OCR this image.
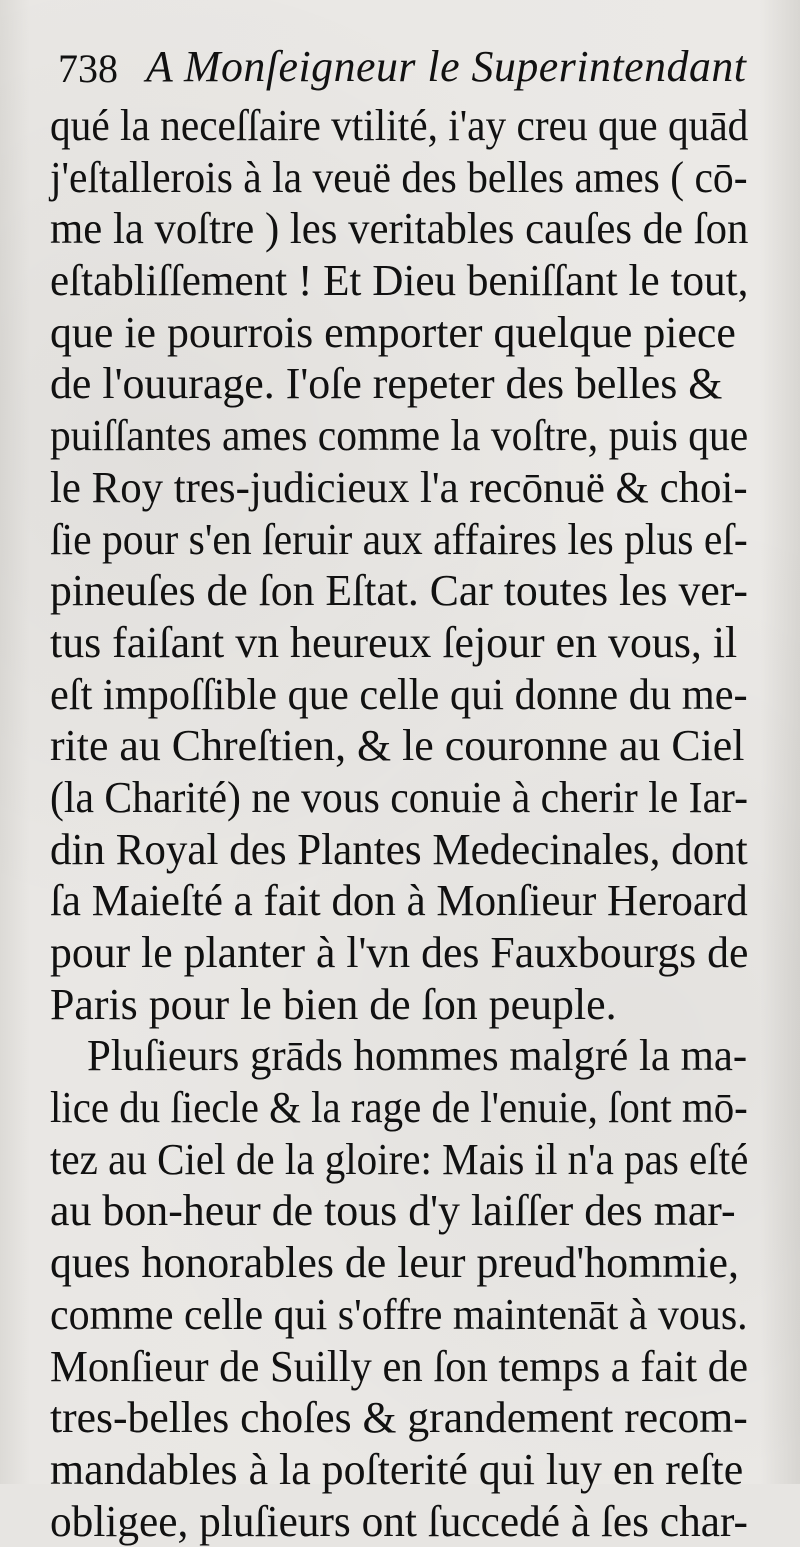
738 A Monſeigneur le Superintendant
qué la neceſſaire vtilité, i'ay creu que quād
j'eſtallerois à la veuë des belles ames ( cō-
me la voſtre ) les veritables cauſes de ſon
eſtabliſſement ! Et Dieu beniſſant le tout,
que ie pourrois emporter quelque piece
de l'ouurage. I'oſe repeter des belles &
puiſſantes ames comme la voſtre, puis que
le Roy tres-judicieux l'a recōnuë & choi-
ſie pour s'en ſeruir aux affaires les plus eſ-
pineuſes de ſon Eſtat. Car toutes les ver-
tus faiſant vn heureux ſejour en vous, il
eſt impoſſible que celle qui donne du me-
rite au Chreſtien, & le couronne au Ciel
(la Charité) ne vous conuie à cherir le Iar-
din Royal des Plantes Medecinales, dont
ſa Maieſté a fait don à Monſieur Heroard
pour le planter à l'vn des Fauxbourgs de
Paris pour le bien de ſon peuple.
Pluſieurs grāds hommes malgré la ma-
lice du ſiecle & la rage de l'enuie, ſont mō-
tez au Ciel de la gloire: Mais il n'a pas eſté
au bon-heur de tous d'y laiſſer des mar-
ques honorables de leur preud'hommie,
comme celle qui s'offre maintenāt à vous.
Monſieur de Suilly en ſon temps a fait de
tres-belles choſes & grandement recom-
mandables à la poſterité qui luy en reſte
obligee, pluſieurs ont ſuccedé à ſes char-
